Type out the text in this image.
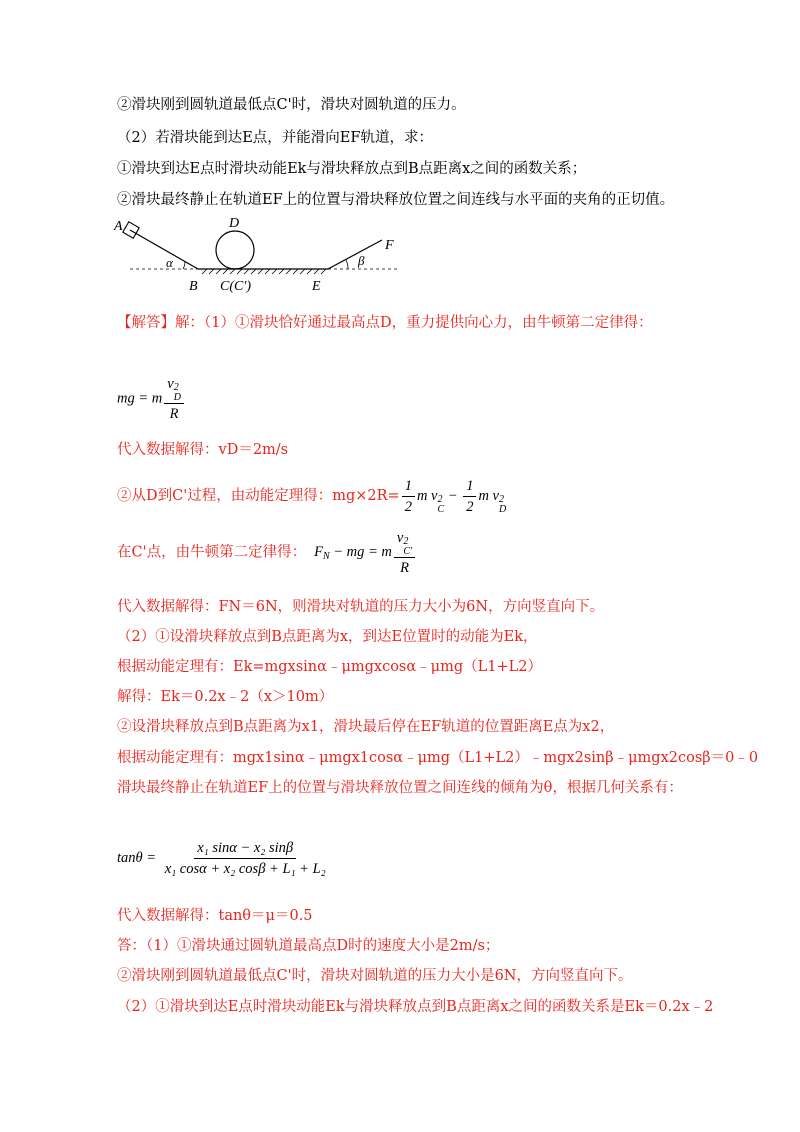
②滑块刚到圆轨道最低点C'时，滑块对圆轨道的压力。
（2）若滑块能到达E点，并能滑向EF轨道，求：
①滑块到达E点时滑块动能Ek与滑块释放点到B点距离x之间的函数关系；
②滑块最终静止在轨道EF上的位置与滑块释放位置之间连线与水平面的夹角的正切值。
A	D
F
α	β
B C(C′)	E
【解答】解：（1）①滑块恰好通过最高点D，重力提供向心力，由牛顿第二定律得：
mg = m v 2
D
R
代入数据解得：vD＝2m/s
②从D到C'过程，由动能定理得：$mg\times 2R= \frac{1}{2}$ m v 2
C
− $\frac{1}{2}$ m v 2
D
在C'点，由牛顿第二定律得： $F_N$ − mg = m v 2
C′
R
代入数据解得：FN＝6N，则滑块对轨道的压力大小为6N，方向竖直向下。
（2）①设滑块释放点到B点距离为x，到达E位置时的动能为Ek，
根据动能定理有：Ek=mgxsinα﹣μmgxcosα﹣μmg（L1+L2）
解得：Ek＝0.2x﹣2（x＞10m）
②设滑块释放点到B点距离为x1，滑块最后停在EF轨道的位置距离E点为x2，
根据动能定理有：mgx1sinα﹣μmgx1cosα﹣μmg（L1+L2）﹣mgx2sinβ﹣μmgx2cosβ＝0﹣0
滑块最终静止在轨道EF上的位置与滑块释放位置之间连线的倾角为θ，根据几何关系有：
$\tan\theta = \frac{\text{x₁ sinα − x₂ sinβ}}{\text{x₁ cosα + x₂ cosβ + L₁ + L₂}}$
代入数据解得：tanθ＝μ＝0.5
答：（1）①滑块通过圆轨道最高点D时的速度大小是2m/s；
②滑块刚到圆轨道最低点C'时，滑块对圆轨道的压力大小是6N，方向竖直向下。
（2）①滑块到达E点时滑块动能Ek与滑块释放点到B点距离x之间的函数关系是Ek＝0.2x﹣2
